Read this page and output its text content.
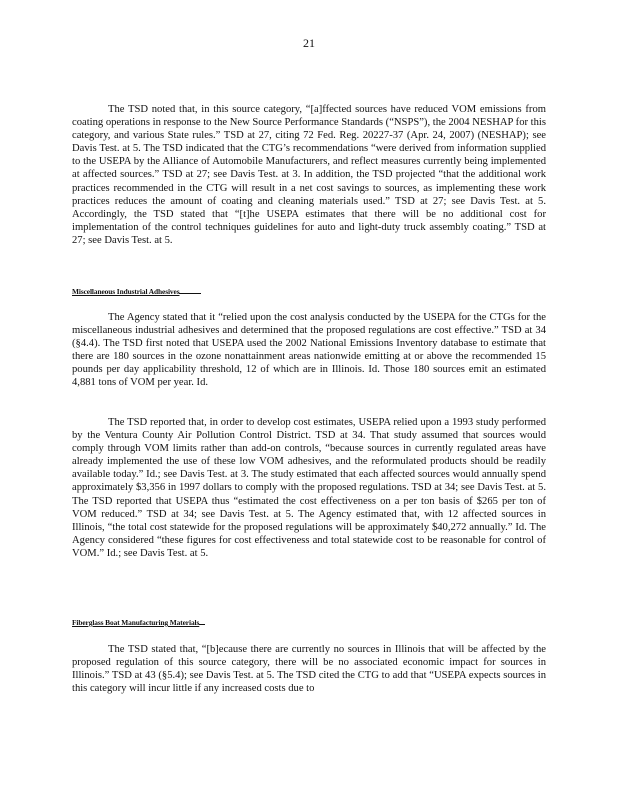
21

The TSD noted that, in this source category, “[a]ffected sources have reduced VOM emissions from coating operations in response to the New Source Performance Standards (“NSPS”), the 2004 NESHAP for this category, and various State rules.” TSD at 27, citing 72 Fed. Reg. 20227-37 (Apr. 24, 2007) (NESHAP); see Davis Test. at 5. The TSD indicated that the CTG’s recommendations “were derived from information supplied to the USEPA by the Alliance of Automobile Manufacturers, and reflect measures currently being implemented at affected sources.” TSD at 27; see Davis Test. at 3. In addition, the TSD projected “that the additional work practices recommended in the CTG will result in a net cost savings to sources, as implementing these work practices reduces the amount of coating and cleaning materials used.” TSD at 27; see Davis Test. at 5. Accordingly, the TSD stated that “[t]he USEPA estimates that there will be no additional cost for implementation of the control techniques guidelines for auto and light-duty truck assembly coating.” TSD at 27; see Davis Test. at 5.

Miscellaneous Industrial Adhesives

The Agency stated that it “relied upon the cost analysis conducted by the USEPA for the CTGs for the miscellaneous industrial adhesives and determined that the proposed regulations are cost effective.” TSD at 34 (§4.4). The TSD first noted that USEPA used the 2002 National Emissions Inventory database to estimate that there are 180 sources in the ozone nonattainment areas nationwide emitting at or above the recommended 15 pounds per day applicability threshold, 12 of which are in Illinois. Id. Those 180 sources emit an estimated 4,881 tons of VOM per year. Id.

The TSD reported that, in order to develop cost estimates, USEPA relied upon a 1993 study performed by the Ventura County Air Pollution Control District. TSD at 34. That study assumed that sources would comply through VOM limits rather than add-on controls, “because sources in currently regulated areas have already implemented the use of these low VOM adhesives, and the reformulated products should be readily available today.” Id.; see Davis Test. at 3. The study estimated that each affected sources would annually spend approximately $3,356 in 1997 dollars to comply with the proposed regulations. TSD at 34; see Davis Test. at 5. The TSD reported that USEPA thus “estimated the cost effectiveness on a per ton basis of $265 per ton of VOM reduced.” TSD at 34; see Davis Test. at 5. The Agency estimated that, with 12 affected sources in Illinois, “the total cost statewide for the proposed regulations will be approximately $40,272 annually.” Id. The Agency considered “these figures for cost effectiveness and total statewide cost to be reasonable for control of VOM.” Id.; see Davis Test. at 5.

Fiberglass Boat Manufacturing Materials

The TSD stated that, “[b]ecause there are currently no sources in Illinois that will be affected by the proposed regulation of this source category, there will be no associated economic impact for sources in Illinois.” TSD at 43 (§5.4); see Davis Test. at 5. The TSD cited the CTG to add that “USEPA expects sources in this category will incur little if any increased costs due to
